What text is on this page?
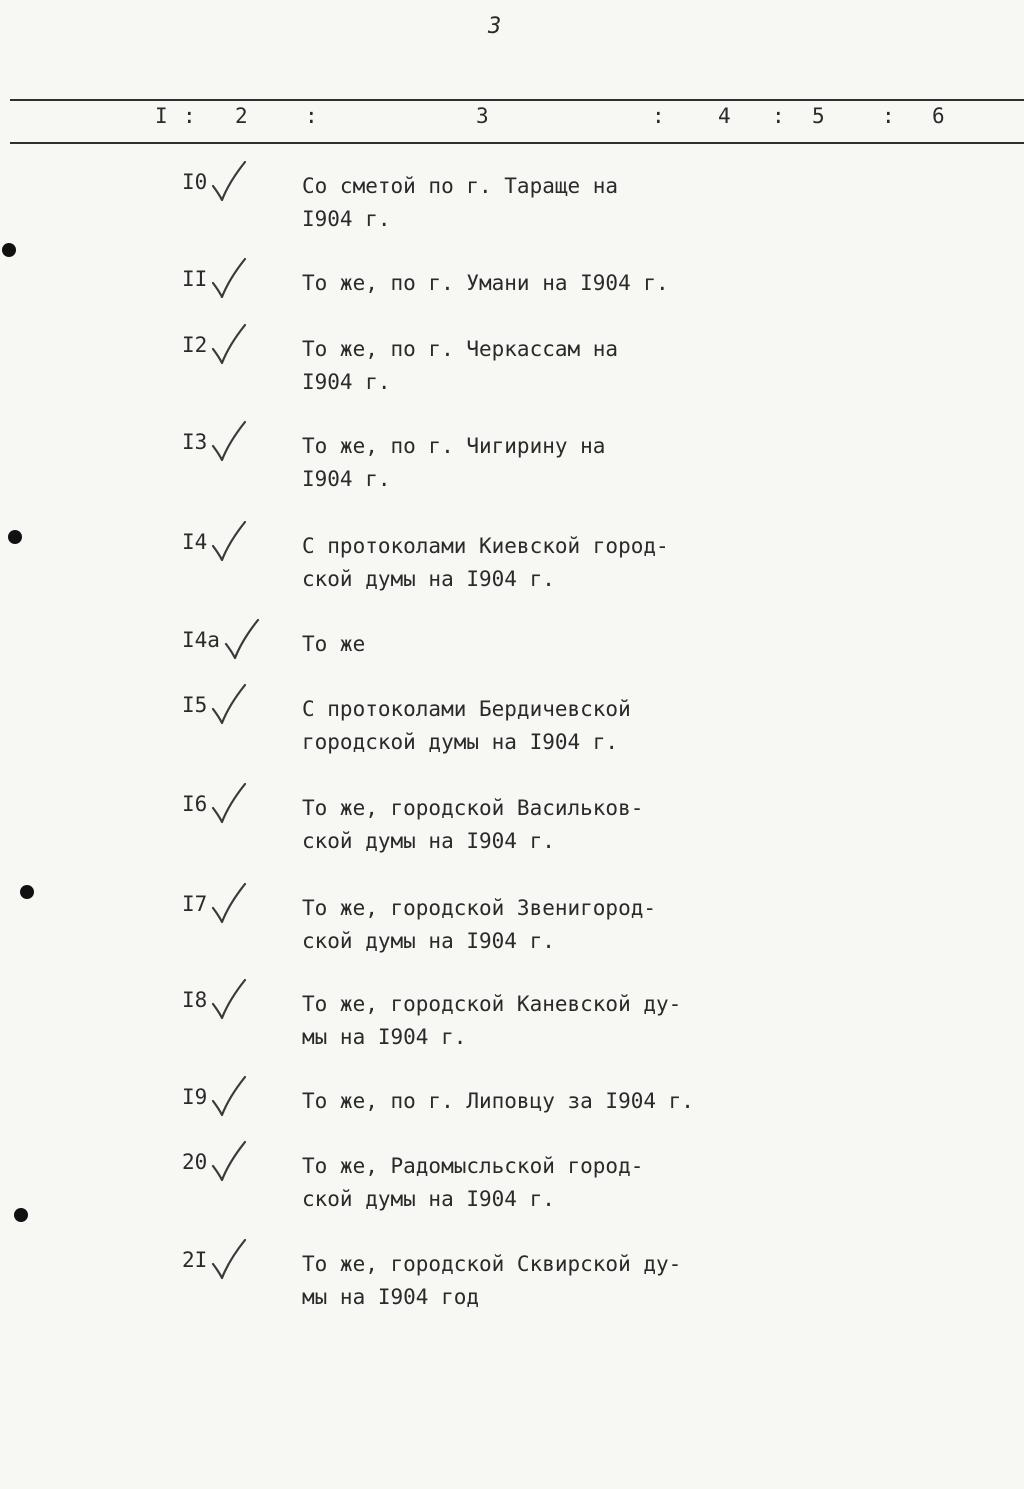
3
I : 2	:	3	:	4 : 5	: 6
I0	Со сметой по г. Тараще на
I904 г.
II	То же, по г. Умани на I904 г.
I2	То же, по г. Черкассам на
I904 г.
I3	То же, по г. Чигирину на
I904 г.
I4	С протоколами Киевской город-
ской думы на I904 г.
I4а	То же
I5	С протоколами Бердичевской
городской думы на I904 г.
I6	То же, городской Васильков-
ской думы на I904 г.
I7	То же, городской Звенигород-
ской думы на I904 г.
I8	То же, городской Каневской ду-
мы на I904 г.
I9	То же, по г. Липовцу за I904 г.
20	То же, Радомысльской город-
ской думы на I904 г.
2I	То же, городской Сквирской ду-
мы на I904 год
